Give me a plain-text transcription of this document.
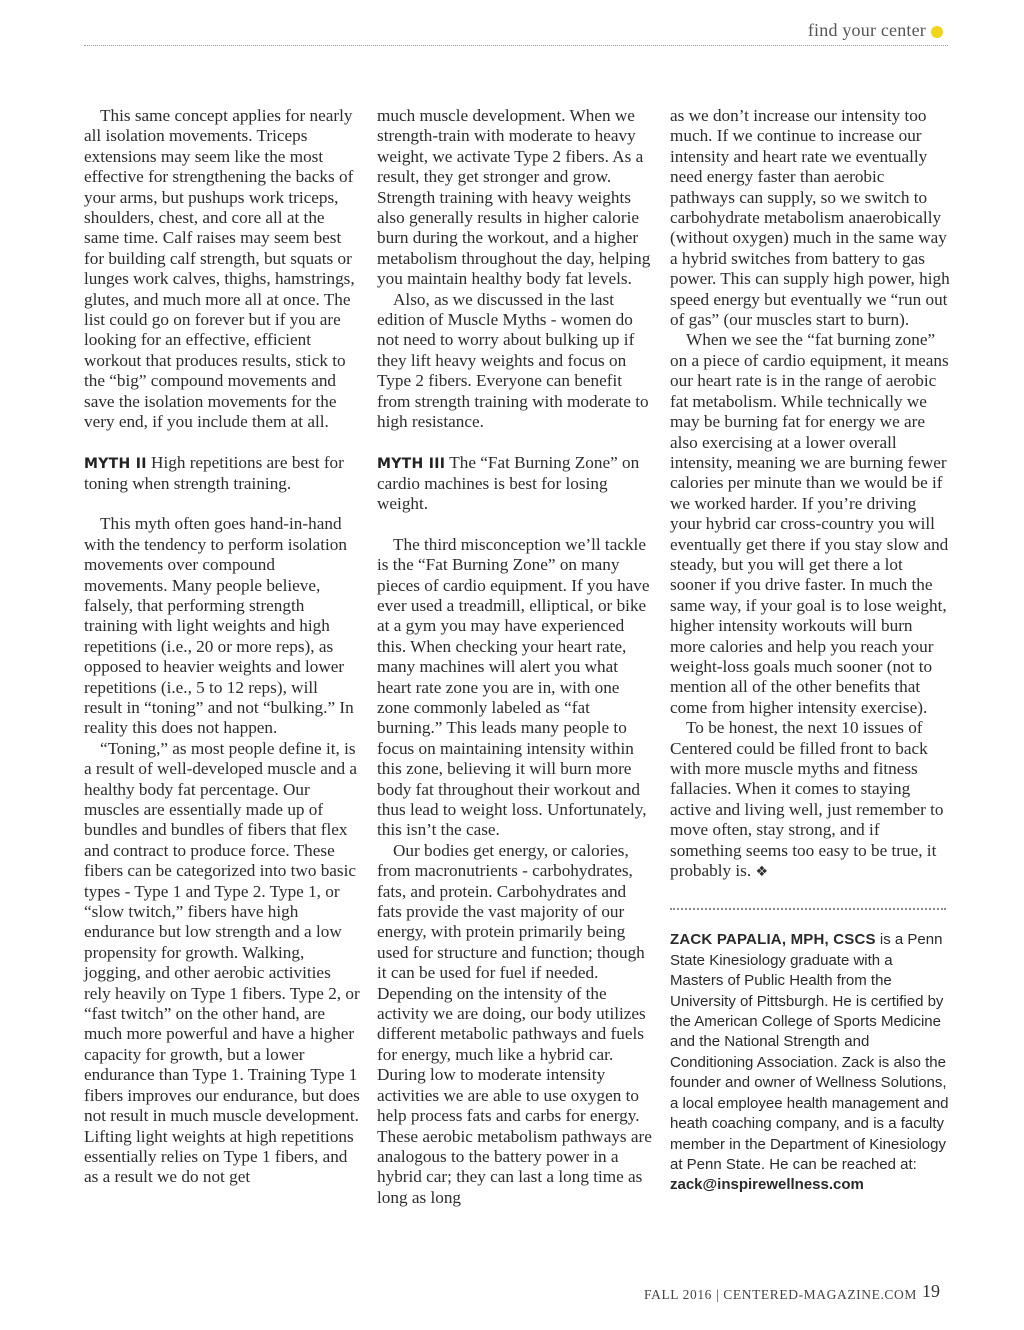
find your center

This same concept applies for nearly all isolation movements. Triceps extensions may seem like the most effective for strengthening the backs of your arms, but pushups work triceps, shoulders, chest, and core all at the same time. Calf raises may seem best for building calf strength, but squats or lunges work calves, thighs, hamstrings, glutes, and much more all at once. The list could go on forever but if you are looking for an effective, efficient workout that produces results, stick to the “big” compound movements and save the isolation movements for the very end, if you include them at all.

MYTH II High repetitions are best for toning when strength training.

This myth often goes hand-in-hand with the tendency to perform isolation movements over compound movements. Many people believe, falsely, that performing strength training with light weights and high repetitions (i.e., 20 or more reps), as opposed to heavier weights and lower repetitions (i.e., 5 to 12 reps), will result in “toning” and not “bulking.” In reality this does not happen.

“Toning,” as most people define it, is a result of well-developed muscle and a healthy body fat percentage. Our muscles are essentially made up of bundles and bundles of fibers that flex and contract to produce force. These fibers can be categorized into two basic types - Type 1 and Type 2. Type 1, or “slow twitch,” fibers have high endurance but low strength and a low propensity for growth. Walking, jogging, and other aerobic activities rely heavily on Type 1 fibers. Type 2, or “fast twitch” on the other hand, are much more powerful and have a higher capacity for growth, but a lower endurance than Type 1. Training Type 1 fibers improves our endurance, but does not result in much muscle development. Lifting light weights at high repetitions essentially relies on Type 1 fibers, and as a result we do not get

much muscle development. When we strength-train with moderate to heavy weight, we activate Type 2 fibers. As a result, they get stronger and grow. Strength training with heavy weights also generally results in higher calorie burn during the workout, and a higher metabolism throughout the day, helping you maintain healthy body fat levels.

Also, as we discussed in the last edition of Muscle Myths - women do not need to worry about bulking up if they lift heavy weights and focus on Type 2 fibers. Everyone can benefit from strength training with moderate to high resistance.

MYTH III The “Fat Burning Zone” on cardio machines is best for losing weight.

The third misconception we’ll tackle is the “Fat Burning Zone” on many pieces of cardio equipment. If you have ever used a treadmill, elliptical, or bike at a gym you may have experienced this. When checking your heart rate, many machines will alert you what heart rate zone you are in, with one zone commonly labeled as “fat burning.” This leads many people to focus on maintaining intensity within this zone, believing it will burn more body fat throughout their workout and thus lead to weight loss. Unfortunately, this isn’t the case.

Our bodies get energy, or calories, from macronutrients - carbohydrates, fats, and protein. Carbohydrates and fats provide the vast majority of our energy, with protein primarily being used for structure and function; though it can be used for fuel if needed. Depending on the intensity of the activity we are doing, our body utilizes different metabolic pathways and fuels for energy, much like a hybrid car. During low to moderate intensity activities we are able to use oxygen to help process fats and carbs for energy. These aerobic metabolism pathways are analogous to the battery power in a hybrid car; they can last a long time as long as long

as we don’t increase our intensity too much. If we continue to increase our intensity and heart rate we eventually need energy faster than aerobic pathways can supply, so we switch to carbohydrate metabolism anaerobically (without oxygen) much in the same way a hybrid switches from battery to gas power. This can supply high power, high speed energy but eventually we “run out of gas” (our muscles start to burn).

When we see the “fat burning zone” on a piece of cardio equipment, it means our heart rate is in the range of aerobic fat metabolism. While technically we may be burning fat for energy we are also exercising at a lower overall intensity, meaning we are burning fewer calories per minute than we would be if we worked harder. If you’re driving your hybrid car cross-country you will eventually get there if you stay slow and steady, but you will get there a lot sooner if you drive faster. In much the same way, if your goal is to lose weight, higher intensity workouts will burn more calories and help you reach your weight-loss goals much sooner (not to mention all of the other benefits that come from higher intensity exercise).

To be honest, the next 10 issues of Centered could be filled front to back with more muscle myths and fitness fallacies. When it comes to staying active and living well, just remember to move often, stay strong, and if something seems too easy to be true, it probably is. ❖

ZACK PAPALIA, MPH, CSCS is a Penn State Kinesiology graduate with a Masters of Public Health from the University of Pittsburgh. He is certified by the American College of Sports Medicine and the National Strength and Conditioning Association. Zack is also the founder and owner of Wellness Solutions, a local employee health management and heath coaching company, and is a faculty member in the Department of Kinesiology at Penn State. He can be reached at:
zack@inspirewellness.com

FALL 2016 | CENTERED-MAGAZINE.COM 19
